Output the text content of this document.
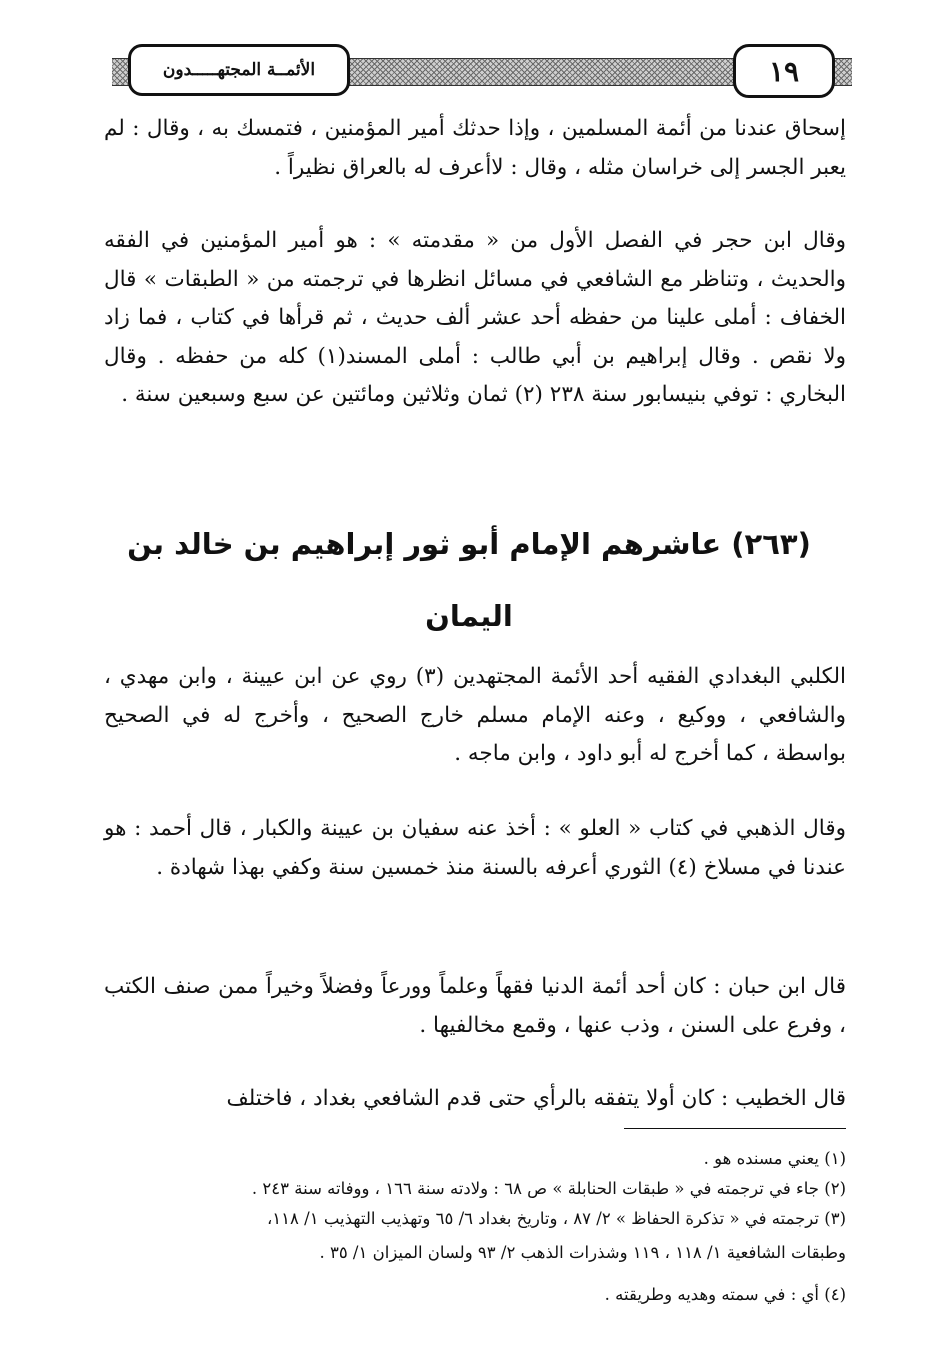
الأئمــة المجتهـــــدون	١٩

إسحاق عندنا من أئمة المسلمين ، وإذا حدثك أمير المؤمنين ، فتمسك به ، وقال : لم يعبر الجسر إلى خراسان مثله ، وقال : لاأعرف له بالعراق نظيراً .

وقال ابن حجر في الفصل الأول من « مقدمته » : هو أمير المؤمنين في الفقه والحديث ، وتناظر مع الشافعي في مسائل انظرها في ترجمته من « الطبقات » قال الخفاف : أملى علينا من حفظه أحد عشر ألف حديث ، ثم قرأها في كتاب ، فما زاد ولا نقص . وقال إبراهيم بن أبي طالب : أملى المسند(١) كله من حفظه . وقال البخاري : توفي بنيسابور سنة ٢٣٨ (٢) ثمان وثلاثين ومائتين عن سبع وسبعين سنة .

(٢٦٣) عاشرهم الإمام أبو ثور إبراهيم بن خالد بن اليمان

الكلبي البغدادي الفقيه أحد الأئمة المجتهدين (٣) روي عن ابن عيينة ، وابن مهدي ، والشافعي ، ووكيع ، وعنه الإمام مسلم خارج الصحيح ، وأخرج له في الصحيح بواسطة ، كما أخرج له أبو داود ، وابن ماجه .

وقال الذهبي في كتاب « العلو » : أخذ عنه سفيان بن عيينة والكبار ، قال أحمد : هو عندنا في مسلاخ (٤) الثوري أعرفه بالسنة منذ خمسين سنة وكفي بهذا شهادة .

قال ابن حبان : كان أحد أئمة الدنيا فقهاً وعلماً وورعاً وفضلاً وخيراً ممن صنف الكتب ، وفرع على السنن ، وذب عنها ، وقمع مخالفيها .

قال الخطيب : كان أولا يتفقه بالرأي حتى قدم الشافعي بغداد ، فاختلف

(١) يعني مسنده هو .

(٢) جاء في ترجمته في « طبقات الحنابلة » ص ٦٨ : ولادته سنة ١٦٦ ، ووفاته سنة ٢٤٣ .

(٣) ترجمته في « تذكرة الحفاظ » ٢/ ٨٧ ، وتاريخ بغداد ٦/ ٦٥ وتهذيب التهذيب ١/ ١١٨،

وطبقات الشافعية ١/ ١١٨ ، ١١٩ وشذرات الذهب ٢/ ٩٣ ولسان الميزان ١/ ٣٥ .

(٤) أي : في سمته وهديه وطريقته .
